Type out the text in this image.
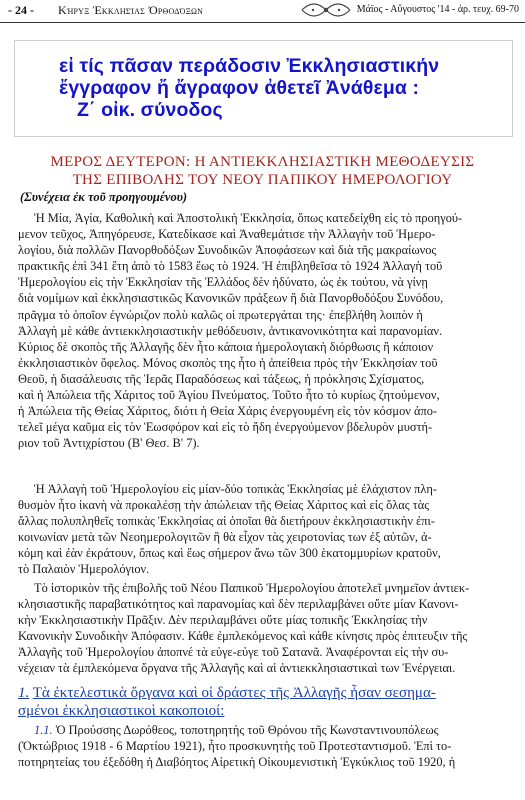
- 24 - Κήρυξ Ἐκκλησίας Ὀρθοδόξων	Μάϊος - Αὔγουστος '14 - ἀρ. τευχ. 69-70
εἰ τίς πᾶσαν περάδοσιν Ἐκκλησιαστικήν
ἔγγραφον ἤ ἄγραφον ἀθετεῖ Ἀνάθεμα :
Ζ΄ οἰκ. σύνοδος
ΜΕΡΟΣ ΔΕΥΤΕΡΟΝ: Η ΑΝΤΙΕΚΚΛΗΣΙΑΣΤΙΚΗ ΜΕΘΟΔΕΥΣΙΣ
ΤΗΣ ΕΠΙΒΟΛΗΣ ΤΟΥ ΝΕΟΥ ΠΑΠΙΚΟΥ ΗΜΕΡΟΛΟΓΙΟΥ
(Συνέχεια ἐκ τοῦ προηγουμένου)
Ἡ Μία, Ἁγία, Καθολικὴ καὶ Ἀποστολικὴ Ἐκκλησία, ὅπως κατεδείχθη εἰς τὸ προηγού-
μενον τεῦχος, Ἀπηγόρευσε, Κατεδίκασε καὶ Ἀναθεμάτισε τὴν Ἀλλαγὴν τοῦ Ἡμερο-
λογίου, διὰ πολλῶν Πανορθοδόξων Συνοδικῶν Ἀποφάσεων καὶ διὰ τῆς μακραίωνος
πρακτικῆς ἐπὶ 341 ἔτη ἀπὸ τὸ 1583 ἕως τὸ 1924. Ἡ ἐπιβληθεῖσα τὸ 1924 Ἀλλαγὴ τοῦ
Ἡμερολογίου εἰς τὴν Ἐκκλησίαν τῆς Ἑλλάδος δὲν ἠδύνατο, ὡς ἐκ τούτου, νὰ γίνῃ
διὰ νομίμων καὶ ἐκκλησιαστικῶς Κανονικῶν πράξεων ἢ διὰ Πανορθοδόξου Συνόδου,
πρᾶγμα τὸ ὁποῖον ἐγνώριζον πολὺ καλῶς οἱ πρωτεργάται της· ἐπεβλήθη λοιπὸν ἡ
Ἀλλαγὴ μὲ κάθε ἀντιεκκλησιαστικὴν μεθόδευσιν, ἀντικανονικότητα καὶ παρανομίαν.
Κύριος δὲ σκοπὸς τῆς Ἀλλαγῆς δὲν ἦτο κάποια ἡμερολογιακὴ διόρθωσις ἢ κάποιον
ἐκκλησιαστικὸν ὄφελος. Μόνος σκοπὸς της ἦτο ἡ ἀπείθεια πρὸς τὴν Ἐκκλησίαν τοῦ
Θεοῦ, ἡ διασάλευσις τῆς Ἱερᾶς Παραδόσεως καὶ τάξεως, ἡ πρόκλησις Σχίσματος,
καὶ ἡ Ἀπώλεια τῆς Χάριτος τοῦ Ἁγίου Πνεύματος. Τοῦτο ἦτο τὸ κυρίως ζητούμενον,
ἡ Ἀπώλεια τῆς Θείας Χάριτος, διότι ἡ Θεία Χάρις ἐνεργουμένη εἰς τὸν κόσμον ἀπο-
τελεῖ μέγα καῦμα εἰς τὸν Ἑωσφόρον καὶ εἰς τὸ ἤδη ἐνεργούμενον βδελυρὸν μυστή-
ριον τοῦ Ἀντιχρίστου (Β' Θεσ. Β' 7).
Ἡ Ἀλλαγὴ τοῦ Ἡμερολογίου εἰς μίαν-δύο τοπικὰς Ἐκκλησίας μὲ ἐλάχιστον πλη-
θυσμὸν ἦτο ἱκανὴ νὰ προκαλέσῃ τὴν ἀπώλειαν τῆς Θείας Χάριτος καὶ εἰς ὅλας τὰς
ἄλλας πολυπληθεῖς τοπικὰς Ἐκκλησίας αἱ ὁποῖαι θὰ διετήρουν ἐκκλησιαστικὴν ἐπι-
κοινωνίαν μετὰ τῶν Νεοημερολογιτῶν ἢ θὰ εἶχον τὰς χειροτονίας των ἐξ αὐτῶν, ἀ-
κόμη καὶ ἐὰν ἐκράτουν, ὅπως καὶ ἕως σήμερον ἄνω τῶν 300 ἑκατομμυρίων κρατοῦν,
τὸ Παλαιὸν Ἡμερολόγιον.
Τὸ ἱστορικὸν τῆς ἐπιβολῆς τοῦ Νέου Παπικοῦ Ἡμερολογίου ἀποτελεῖ μνημεῖον ἀντιεκ-
κλησιαστικῆς παραβατικότητος καὶ παρανομίας καὶ δὲν περιλαμβάνει οὔτε μίαν Κανονι-
κὴν Ἐκκλησιαστικὴν Πρᾶξιν. Δὲν περιλαμβάνει οὔτε μίας τοπικῆς Ἐκκλησίας τὴν
Κανονικὴν Συνοδικὴν Ἀπόφασιν. Κάθε ἐμπλεκόμενος καὶ κάθε κίνησις πρὸς ἐπιτευξιν τῆς
Ἀλλαγῆς τοῦ Ἡμερολογίου ἀποπνέ τὰ εὐγε-εὐγε τοῦ Σατανᾶ. Ἀναφέρονται εἰς τὴν συ-
νέχειαν τὰ ἐμπλεκόμενα ὄργανα τῆς Ἀλλαγῆς καὶ αἱ ἀντιεκκλησιαστικαὶ των Ἐνέργειαι.
1. Τὰ ἐκτελεστικὰ ὄργανα καὶ οἱ δράστες τῆς Ἀλλαγῆς ἦσαν σεσημα-
σμένοι ἐκκλησιαστικοὶ κακοποιοί:
1.1. Ὁ Προύσσης Δωρόθεος, τοποτηρητὴς τοῦ Θρόνου τῆς Κωνσταντινουπόλεως
(Ὀκτώβριος 1918 - 6 Μαρτίου 1921), ἦτο προσκυνητὴς τοῦ Προτεσταντισμοῦ. Ἐπὶ το-
ποτηρητείας του ἐξεδόθη ἡ Διαβόητος Αἱρετικὴ Οἰκουμενιστικὴ Ἐγκύκλιος τοῦ 1920, ἡ
